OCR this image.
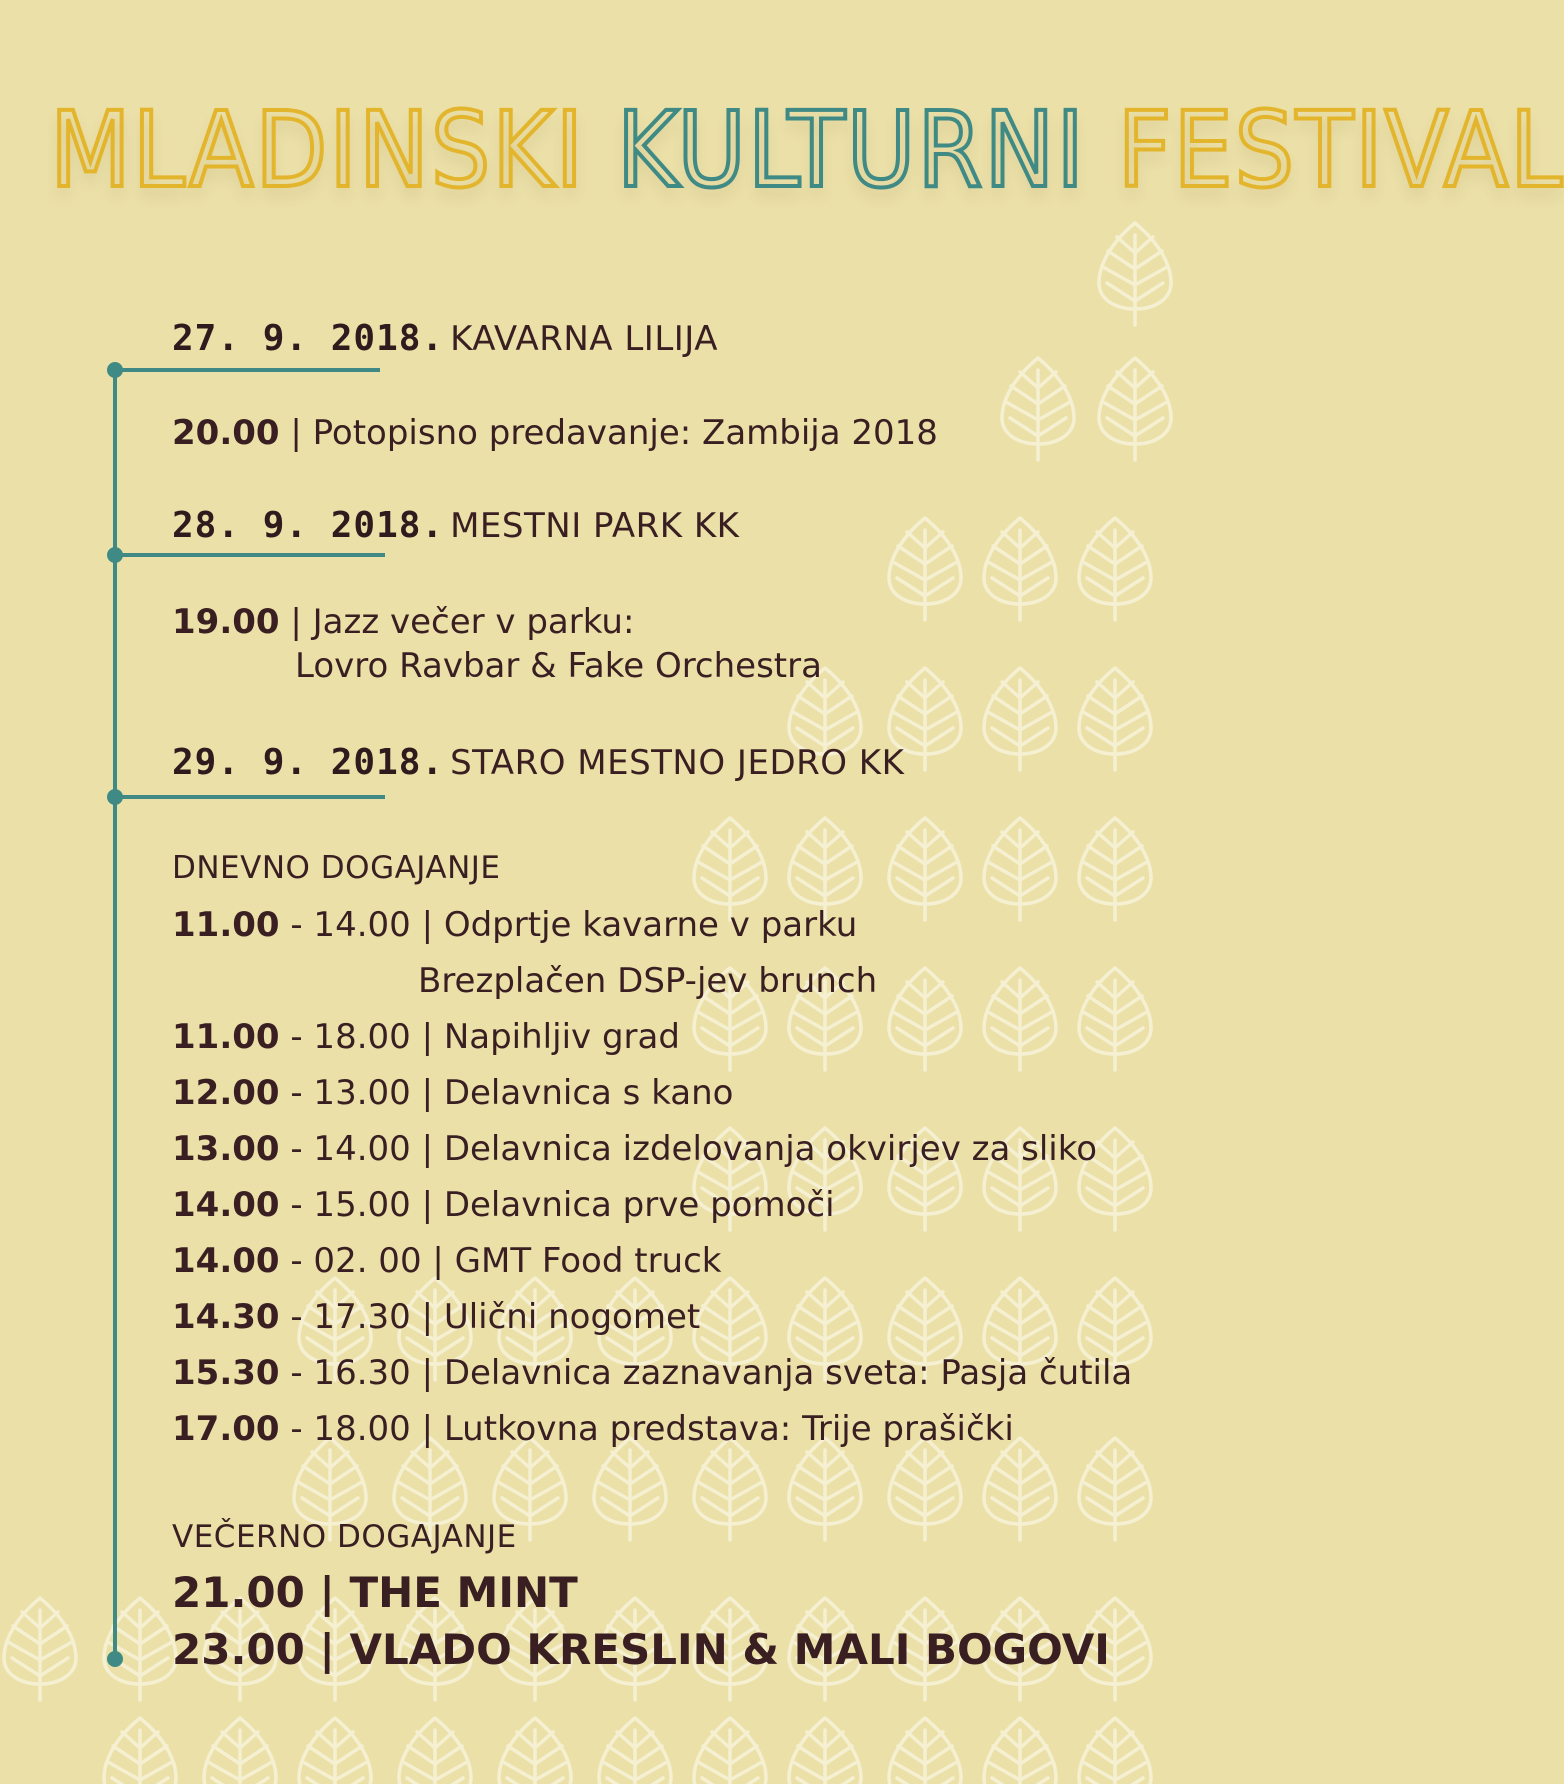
MLADINSKI KULTURNI FESTIVAL
27. 9. 2018. KAVARNA LILIJA
20.00 | Potopisno predavanje: Zambija 2018
28. 9. 2018. MESTNI PARK KK
19.00 | Jazz večer v parku:
Lovro Ravbar & Fake Orchestra
29. 9. 2018. STARO MESTNO JEDRO KK
DNEVNO DOGAJANJE
11.00 - 14.00 | Odprtje kavarne v parku
Brezplačen DSP-jev brunch
11.00 - 18.00 | Napihljiv grad
12.00 - 13.00 | Delavnica s kano
13.00 - 14.00 | Delavnica izdelovanja okvirjev za sliko
14.00 - 15.00 | Delavnica prve pomoči
14.00 - 02. 00 | GMT Food truck
14.30 - 17.30 | Ulični nogomet
15.30 - 16.30 | Delavnica zaznavanja sveta: Pasja čutila
17.00 - 18.00 | Lutkovna predstava: Trije prašički
VEČERNO DOGAJANJE
21.00 | THE MINT
23.00 | VLADO KRESLIN & MALI BOGOVI
